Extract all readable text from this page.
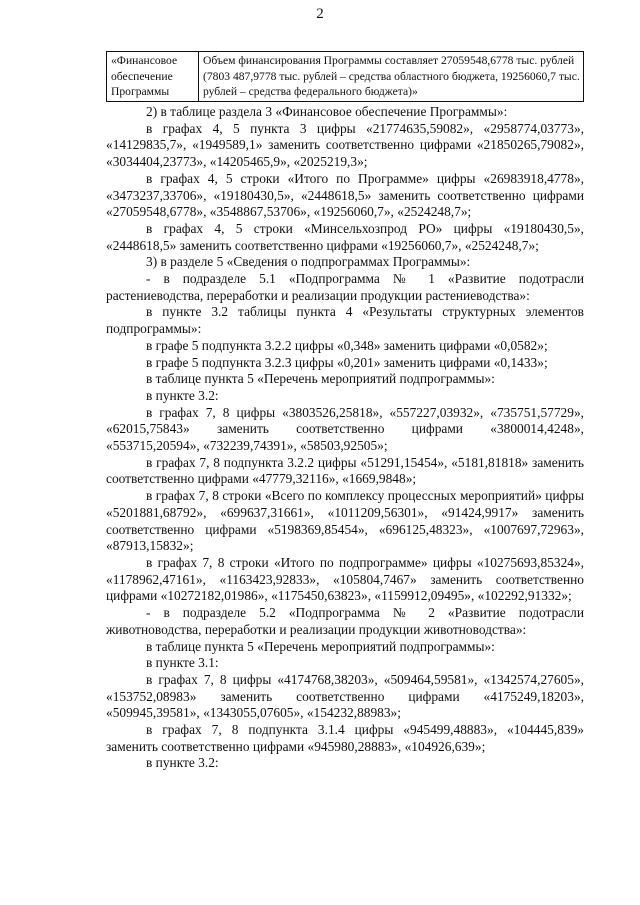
2
«Финансовое обеспечение Программы	Объем финансирования Программы составляет 27059548,6778 тыс. рублей (7803 487,9778 тыс. рублей – средства областного бюджета, 19256060,7 тыс. рублей – средства федерального бюджета)»

2) в таблице раздела 3 «Финансовое обеспечение Программы»:

в графах 4, 5 пункта 3 цифры «21774635,59082», «2958774,03773», «14129835,7», «1949589,1» заменить соответственно цифрами «21850265,79082», «3034404,23773», «14205465,9», «2025219,3»;

в графах 4, 5 строки «Итого по Программе» цифры «26983918,4778», «3473237,33706», «19180430,5», «2448618,5» заменить соответственно цифрами «27059548,6778», «3548867,53706», «19256060,7», «2524248,7»;

в графах 4, 5 строки «Минсельхозпрод РО» цифры «19180430,5», «2448618,5» заменить соответственно цифрами «19256060,7», «2524248,7»;

3) в разделе 5 «Сведения о подпрограммах Программы»:

- в подразделе 5.1 «Подпрограмма № 1 «Развитие подотрасли растениеводства, переработки и реализации продукции растениеводства»:

в пункте 3.2 таблицы пункта 4 «Результаты структурных элементов подпрограммы»:

в графе 5 подпункта 3.2.2 цифры «0,348» заменить цифрами «0,0582»;

в графе 5 подпункта 3.2.3 цифры «0,201» заменить цифрами «0,1433»;

в таблице пункта 5 «Перечень мероприятий подпрограммы»:

в пункте 3.2:

в графах 7, 8 цифры «3803526,25818», «557227,03932», «735751,57729», «62015,75843» заменить соответственно цифрами «3800014,4248», «553715,20594», «732239,74391», «58503,92505»;

в графах 7, 8 подпункта 3.2.2 цифры «51291,15454», «5181,81818» заменить соответственно цифрами «47779,32116», «1669,9848»;

в графах 7, 8 строки «Всего по комплексу процессных мероприятий» цифры «5201881,68792», «699637,31661», «1011209,56301», «91424,9917» заменить соответственно цифрами «5198369,85454», «696125,48323», «1007697,72963», «87913,15832»;

в графах 7, 8 строки «Итого по подпрограмме» цифры «10275693,85324», «1178962,47161», «1163423,92833», «105804,7467» заменить соответственно цифрами «10272182,01986», «1175450,63823», «1159912,09495», «102292,91332»;

- в подразделе 5.2 «Подпрограмма № 2 «Развитие подотрасли животноводства, переработки и реализации продукции животноводства»:

в таблице пункта 5 «Перечень мероприятий подпрограммы»:

в пункте 3.1:

в графах 7, 8 цифры «4174768,38203», «509464,59581», «1342574,27605», «153752,08983» заменить соответственно цифрами «4175249,18203», «509945,39581», «1343055,07605», «154232,88983»;

в графах 7, 8 подпункта 3.1.4 цифры «945499,48883», «104445,839» заменить соответственно цифрами «945980,28883», «104926,639»;

в пункте 3.2:
